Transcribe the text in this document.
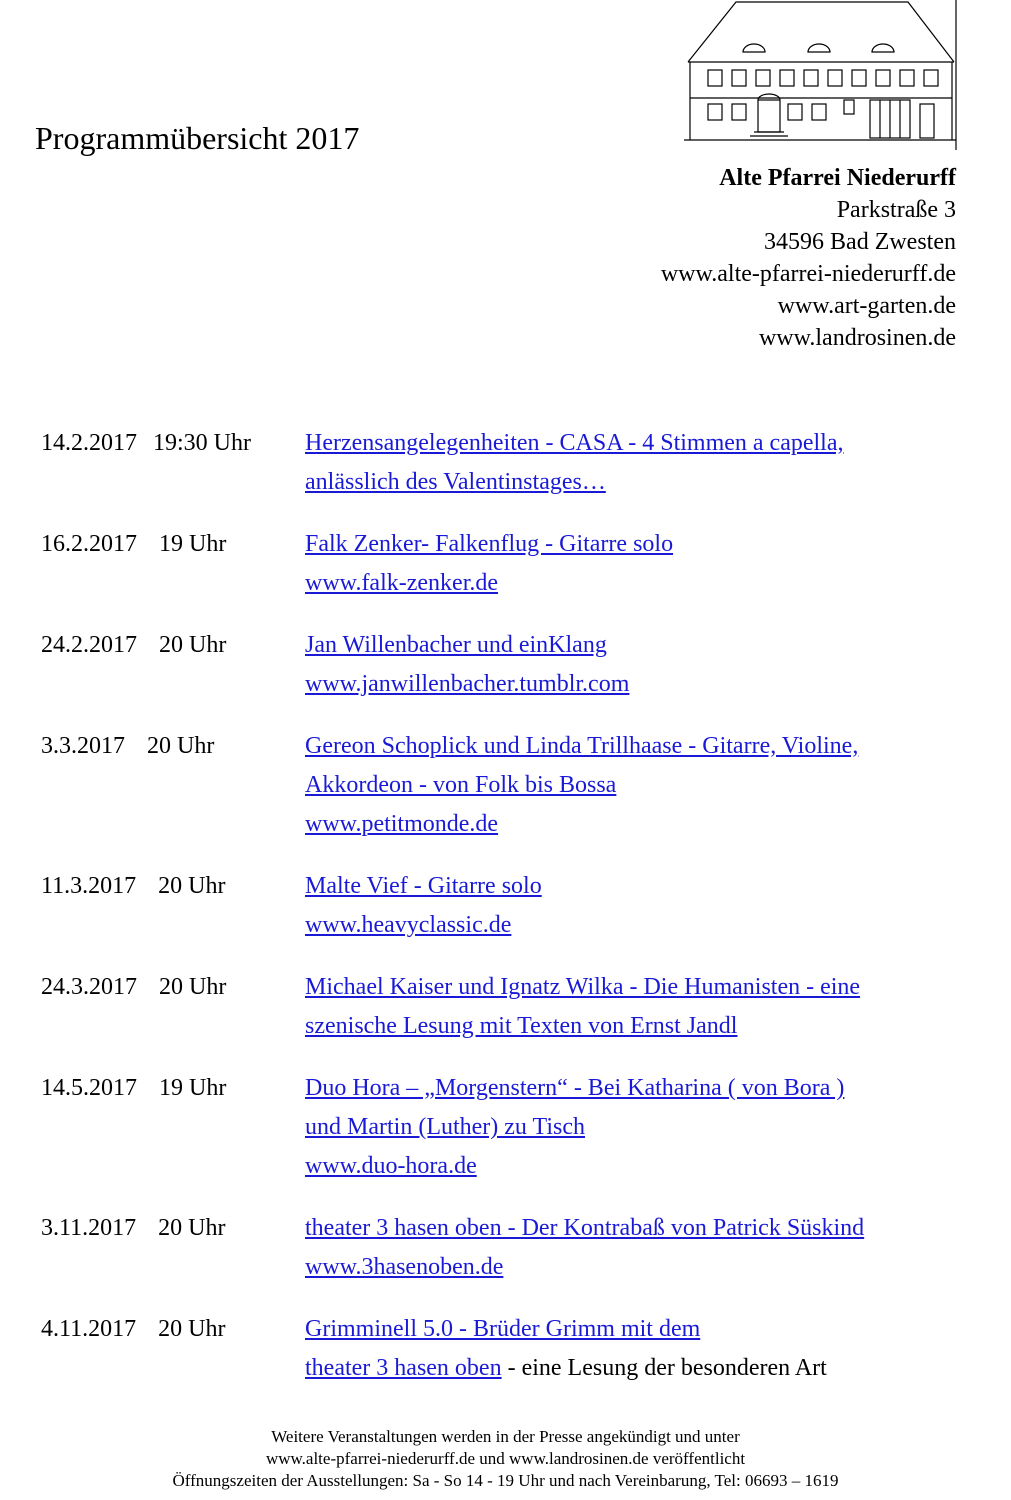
Programmübersicht 2017
Alte Pfarrei Niederurff
Parkstraße 3
34596 Bad Zwesten
www.alte-pfarrei-niederurff.de
www.art-garten.de
www.landrosinen.de
14.2.2017 19:30 Uhr Herzensangelegenheiten - CASA - 4 Stimmen a capella,
anlässlich des Valentinstages…
16.2.2017 19 Uhr	Falk Zenker- Falkenflug - Gitarre solo
www.falk-zenker.de
24.2.2017 20 Uhr	Jan Willenbacher und einKlang
www.janwillenbacher.tumblr.com
3.3.2017 20 Uhr	Gereon Schoplick und Linda Trillhaase - Gitarre, Violine,
Akkordeon - von Folk bis Bossa
www.petitmonde.de
11.3.2017 20 Uhr	Malte Vief - Gitarre solo
www.heavyclassic.de
24.3.2017 20 Uhr	Michael Kaiser und Ignatz Wilka - Die Humanisten - eine
szenische Lesung mit Texten von Ernst Jandl
14.5.2017 19 Uhr	Duo Hora – „Morgenstern“ - Bei Katharina ( von Bora )
und Martin (Luther) zu Tisch
www.duo-hora.de
3.11.2017 20 Uhr	theater 3 hasen oben - Der Kontrabaß von Patrick Süskind
www.3hasenoben.de
4.11.2017 20 Uhr	Grimminell 5.0 - Brüder Grimm mit dem
theater 3 hasen oben - eine Lesung der besonderen Art
Weitere Veranstaltungen werden in der Presse angekündigt und unter
www.alte-pfarrei-niederurff.de und www.landrosinen.de veröffentlicht
Öffnungszeiten der Ausstellungen: Sa - So 14 - 19 Uhr und nach Vereinbarung, Tel: 06693 – 1619
